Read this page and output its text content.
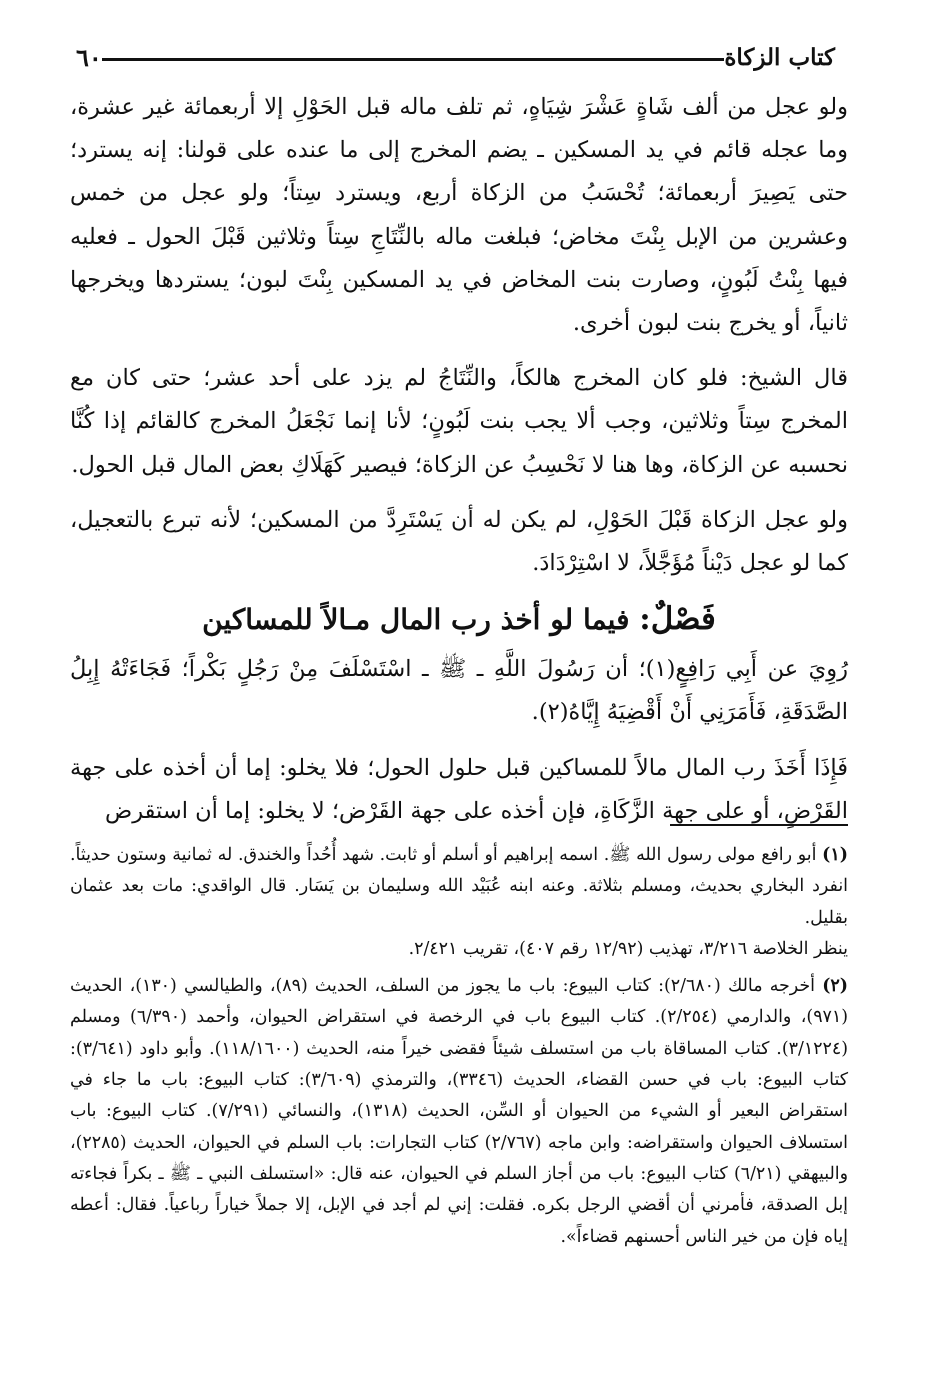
كتاب الزكاة
٦٠

ولو عجل من ألف شَاةٍ عَشْرَ شِيَاهٍ، ثم تلف ماله قبل الحَوْلِ إلا أربعمائة غير عشرة، وما عجله قائم في يد المسكين ـ يضم المخرج إلى ما عنده على قولنا: إنه يسترد؛ حتى يَصِيرَ أربعمائة؛ تُحْسَبُ من الزكاة أربع، ويسترد سِتاً؛ ولو عجل من خمس وعشرين من الإبل بِنْتَ مخاض؛ فبلغت ماله بالنِّتَاجِ سِتاً وثلاثين قَبْلَ الحول ـ فعليه فيها بِنْتُ لَبُونٍ، وصارت بنت المخاض في يد المسكين بِنْتَ لبون؛ يستردها ويخرجها ثانياً، أو يخرج بنت لبون أخرى.

قال الشيخ: فلو كان المخرج هالكاً، والنِّتَاجُ لم يزد على أحد عشر؛ حتى كان مع المخرج سِتاً وثلاثين، وجب ألا يجب بنت لَبُونٍ؛ لأنا إنما نَجْعَلُ المخرج كالقائم إذا كُنَّا نحسبه عن الزكاة، وها هنا لا نَحْسِبُ عن الزكاة؛ فيصير كَهَلَاكِ بعض المال قبل الحول.

ولو عجل الزكاة قَبْلَ الحَوْلِ، لم يكن له أن يَسْتَرِدَّ من المسكين؛ لأنه تبرع بالتعجيل، كما لو عجل دَيْناً مُؤَجَّلاً، لا اسْتِرْدَادَ.

فَصْلٌ: فيما لو أخذ رب المال مـالاً للمساكين

رُوِيَ عن أَبِي رَافِعٍ(١)؛ أن رَسُولَ اللَّهِ ـ ﷺ ـ اسْتَسْلَفَ مِنْ رَجُلٍ بَكْراً؛ فَجَاءَتْهُ إِبِلُ الصَّدَقَةِ، فَأَمَرَنِي أَنْ أَقْضِيَهُ إِيَّاهُ(٢).

فَإِذَا أَخَذَ رب المال مالاً للمساكين قبل حلول الحول؛ فلا يخلو: إما أن أخذه على جهة القَرْضِ، أو على جهة الزَّكَاةِ، فإن أخذه على جهة القَرْض؛ لا يخلو: إما أن استقرض

(١) أبو رافع مولى رسول الله ﷺ. اسمه إبراهيم أو أسلم أو ثابت. شهد أُحُداً والخندق. له ثمانية وستون حديثاً. انفرد البخاري بحديث، ومسلم بثلاثة. وعنه ابنه عُبَيْد الله وسليمان بن يَسَار. قال الواقدي: مات بعد عثمان بقليل.

ينظر الخلاصة ٣/٢١٦، تهذيب (١٢/٩٢ رقم ٤٠٧)، تقريب ٢/٤٢١.

(٢) أخرجه مالك (٢/٦٨٠): كتاب البيوع: باب ما يجوز من السلف، الحديث (٨٩)، والطيالسي (١٣٠)، الحديث (٩٧١)، والدارمي (٢/٢٥٤). كتاب البيوع باب في الرخصة في استقراض الحيوان، وأحمد (٦/٣٩٠) ومسلم (٣/١٢٢٤). كتاب المساقاة باب من استسلف شيئاً فقضى خيراً منه، الحديث (١١٨/١٦٠٠). وأبو داود (٣/٦٤١): كتاب البيوع: باب في حسن القضاء، الحديث (٣٣٤٦)، والترمذي (٣/٦٠٩): كتاب البيوع: باب ما جاء في استقراض البعير أو الشيء من الحيوان أو السِّن، الحديث (١٣١٨)، والنسائي (٧/٢٩١). كتاب البيوع: باب استسلاف الحيوان واستقراضه: وابن ماجه (٢/٧٦٧) كتاب التجارات: باب السلم في الحيوان، الحديث (٢٢٨٥)، والبيهقي (٦/٢١) كتاب البيوع: باب من أجاز السلم في الحيوان، عنه قال: «استسلف النبي ـ ﷺ ـ بكراً فجاءته إبل الصدقة، فأمرني أن أقضي الرجل بكره. فقلت: إني لم أجد في الإبل، إلا جملاً خياراً رباعياً. فقال: أعطه إياه فإن من خير الناس أحسنهم قضاءاً».
